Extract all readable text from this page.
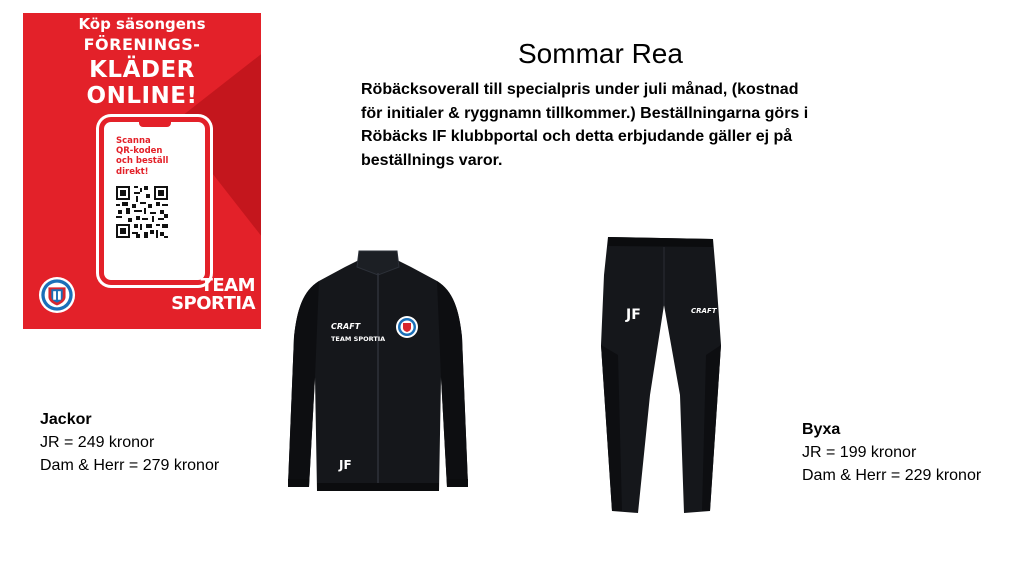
Köp säsongens
FÖRENINGS-
KLÄDER
ONLINE!
Scanna
QR-koden
och beställ
direkt!
TEAM
SPORTIA
Sommar Rea
Röbäcksoverall till specialpris under juli månad, (kostnad
för initialer & ryggnamn tillkommer.) Beställningarna görs i
Röbäcks IF klubbportal och detta erbjudande gäller ej på
beställnings varor.
CRAFT
TEAM SPORTIA
JF
JF	CRAFT
Jackor
JR = 249 kronor
Dam & Herr = 279 kronor
Byxa
JR = 199 kronor
Dam & Herr = 229 kronor
